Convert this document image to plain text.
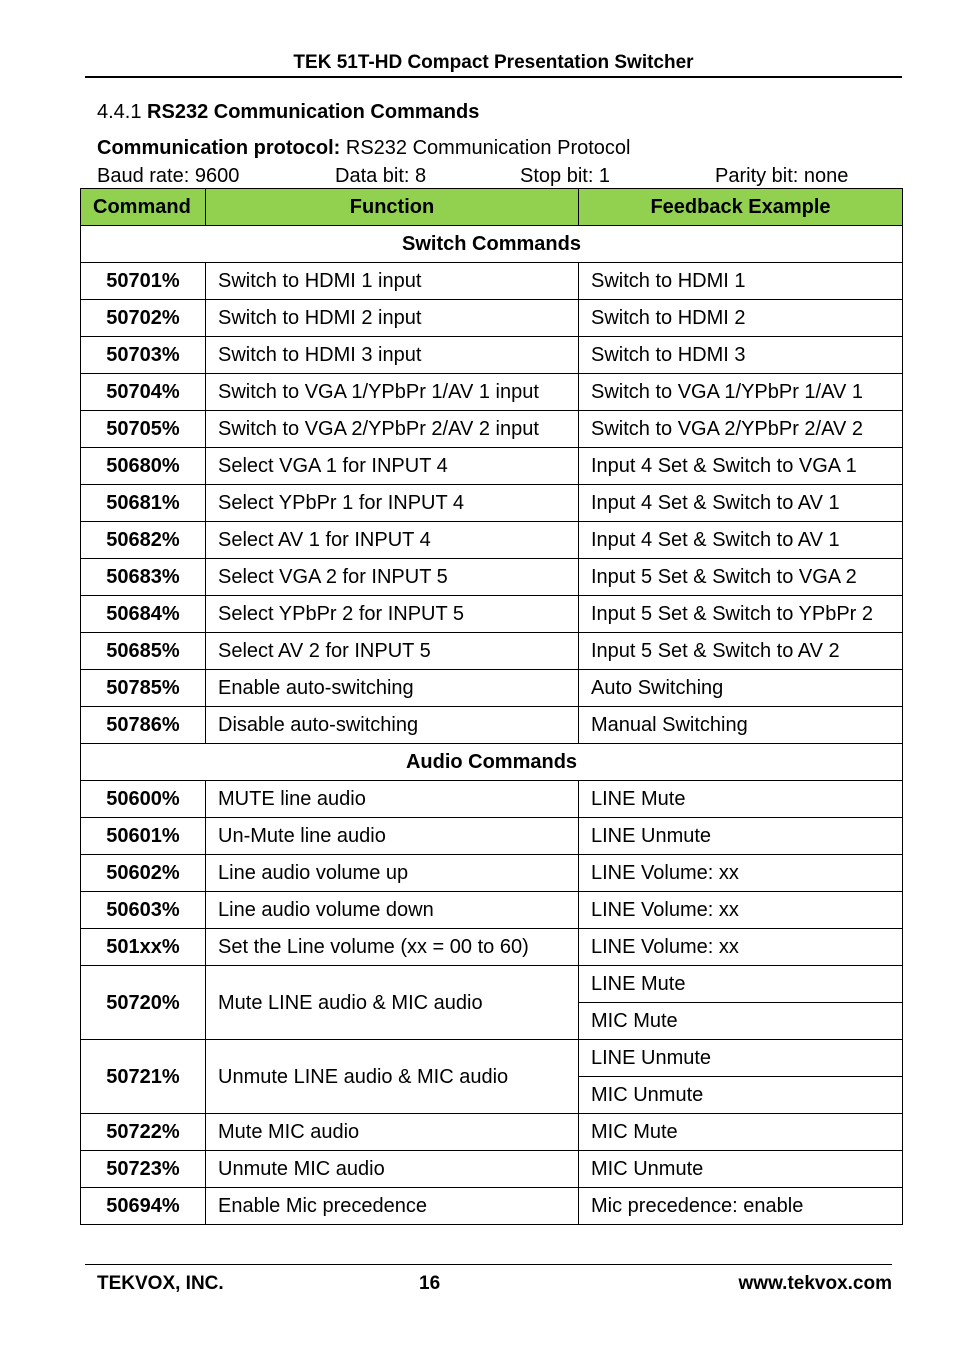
TEK 51T-HD Compact Presentation Switcher
4.4.1 RS232 Communication Commands
Communication protocol: RS232 Communication Protocol
Baud rate: 9600	Data bit: 8	Stop bit: 1	Parity bit: none
Command	Function	Feedback Example
Switch Commands		
50701%	Switch to HDMI 1 input	Switch to HDMI 1
50702%	Switch to HDMI 2 input	Switch to HDMI 2
50703%	Switch to HDMI 3 input	Switch to HDMI 3
50704%	Switch to VGA 1/YPbPr 1/AV 1 input	Switch to VGA 1/YPbPr 1/AV 1
50705%	Switch to VGA 2/YPbPr 2/AV 2 input	Switch to VGA 2/YPbPr 2/AV 2
50680%	Select VGA 1 for INPUT 4	Input 4 Set & Switch to VGA 1
50681%	Select YPbPr 1 for INPUT 4	Input 4 Set & Switch to AV 1
50682%	Select AV 1 for INPUT 4	Input 4 Set & Switch to AV 1
50683%	Select VGA 2 for INPUT 5	Input 5 Set & Switch to VGA 2
50684%	Select YPbPr 2 for INPUT 5	Input 5 Set & Switch to YPbPr 2
50685%	Select AV 2 for INPUT 5	Input 5 Set & Switch to AV 2
50785%	Enable auto-switching	Auto Switching
50786%	Disable auto-switching	Manual Switching
Audio Commands		
50600%	MUTE line audio	LINE Mute
50601%	Un-Mute line audio	LINE Unmute
50602%	Line audio volume up	LINE Volume: xx
50603%	Line audio volume down	LINE Volume: xx
501xx%	Set the Line volume (xx = 00 to 60)	LINE Volume: xx
50720%	Mute LINE audio & MIC audio	LINE Mute
		MIC Mute
50721%	Unmute LINE audio & MIC audio	LINE Unmute
		MIC Unmute
50722%	Mute MIC audio	MIC Mute
50723%	Unmute MIC audio	MIC Unmute
50694%	Enable Mic precedence	Mic precedence: enable
TEKVOX, INC.	16	www.tekvox.com
